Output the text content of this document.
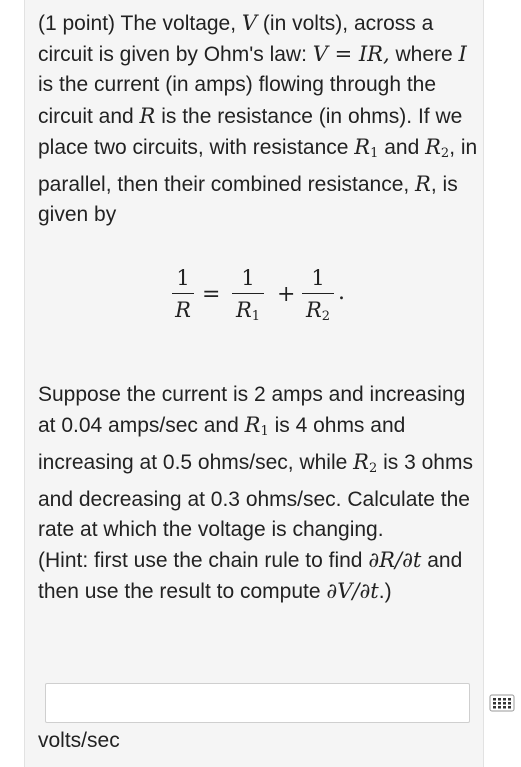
(1 point) The voltage, V (in volts), across a circuit is given by Ohm's law: V = IR, where I is the current (in amps) flowing through the circuit and R is the resistance (in ohms). If we place two circuits, with resistance $R_1$ and $R_2$, in parallel, then their combined resistance, R, is given by
1
R
=
1
$R_1$
+
1
$R_2$
.
Suppose the current is 2 amps and increasing at 0.04 amps/sec and $R_1$ is 4 ohms and increasing at 0.5 ohms/sec, while $R_2$ is 3 ohms and decreasing at 0.3 ohms/sec. Calculate the rate at which the voltage is changing.
(Hint: first use the chain rule to find ∂R/∂t and then use the result to compute ∂V/∂t.)
volts/sec
